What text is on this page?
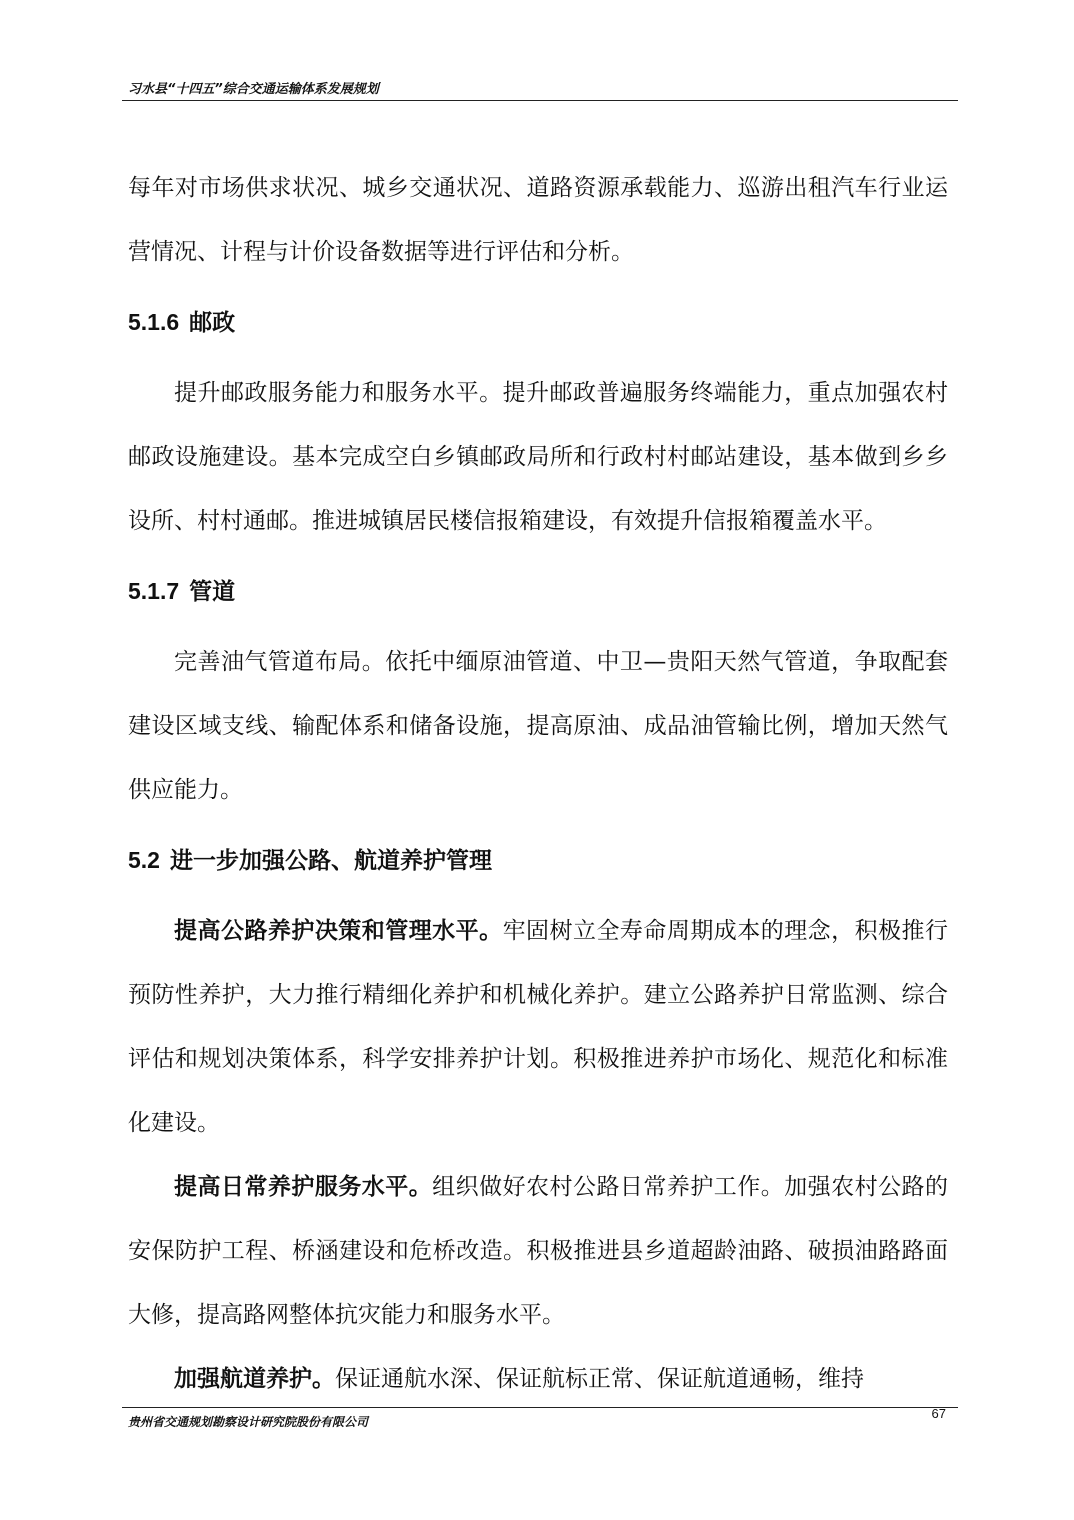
习水县“十四五”综合交通运输体系发展规划

每年对市场供求状况、城乡交通状况、道路资源承载能力、巡游出租汽车行业运营情况、计程与计价设备数据等进行评估和分析。

5.1.6 邮政

提升邮政服务能力和服务水平。提升邮政普遍服务终端能力，重点加强农村邮政设施建设。基本完成空白乡镇邮政局所和行政村村邮站建设，基本做到乡乡设所、村村通邮。推进城镇居民楼信报箱建设，有效提升信报箱覆盖水平。

5.1.7 管道

完善油气管道布局。依托中缅原油管道、中卫—贵阳天然气管道，争取配套建设区域支线、输配体系和储备设施，提高原油、成品油管输比例，增加天然气供应能力。

5.2 进一步加强公路、航道养护管理

提高公路养护决策和管理水平。牢固树立全寿命周期成本的理念，积极推行预防性养护，大力推行精细化养护和机械化养护。建立公路养护日常监测、综合评估和规划决策体系，科学安排养护计划。积极推进养护市场化、规范化和标准化建设。

提高日常养护服务水平。组织做好农村公路日常养护工作。加强农村公路的安保防护工程、桥涵建设和危桥改造。积极推进县乡道超龄油路、破损油路路面大修，提高路网整体抗灾能力和服务水平。

加强航道养护。保证通航水深、保证航标正常、保证航道通畅，维持

贵州省交通规划勘察设计研究院股份有限公司
67
